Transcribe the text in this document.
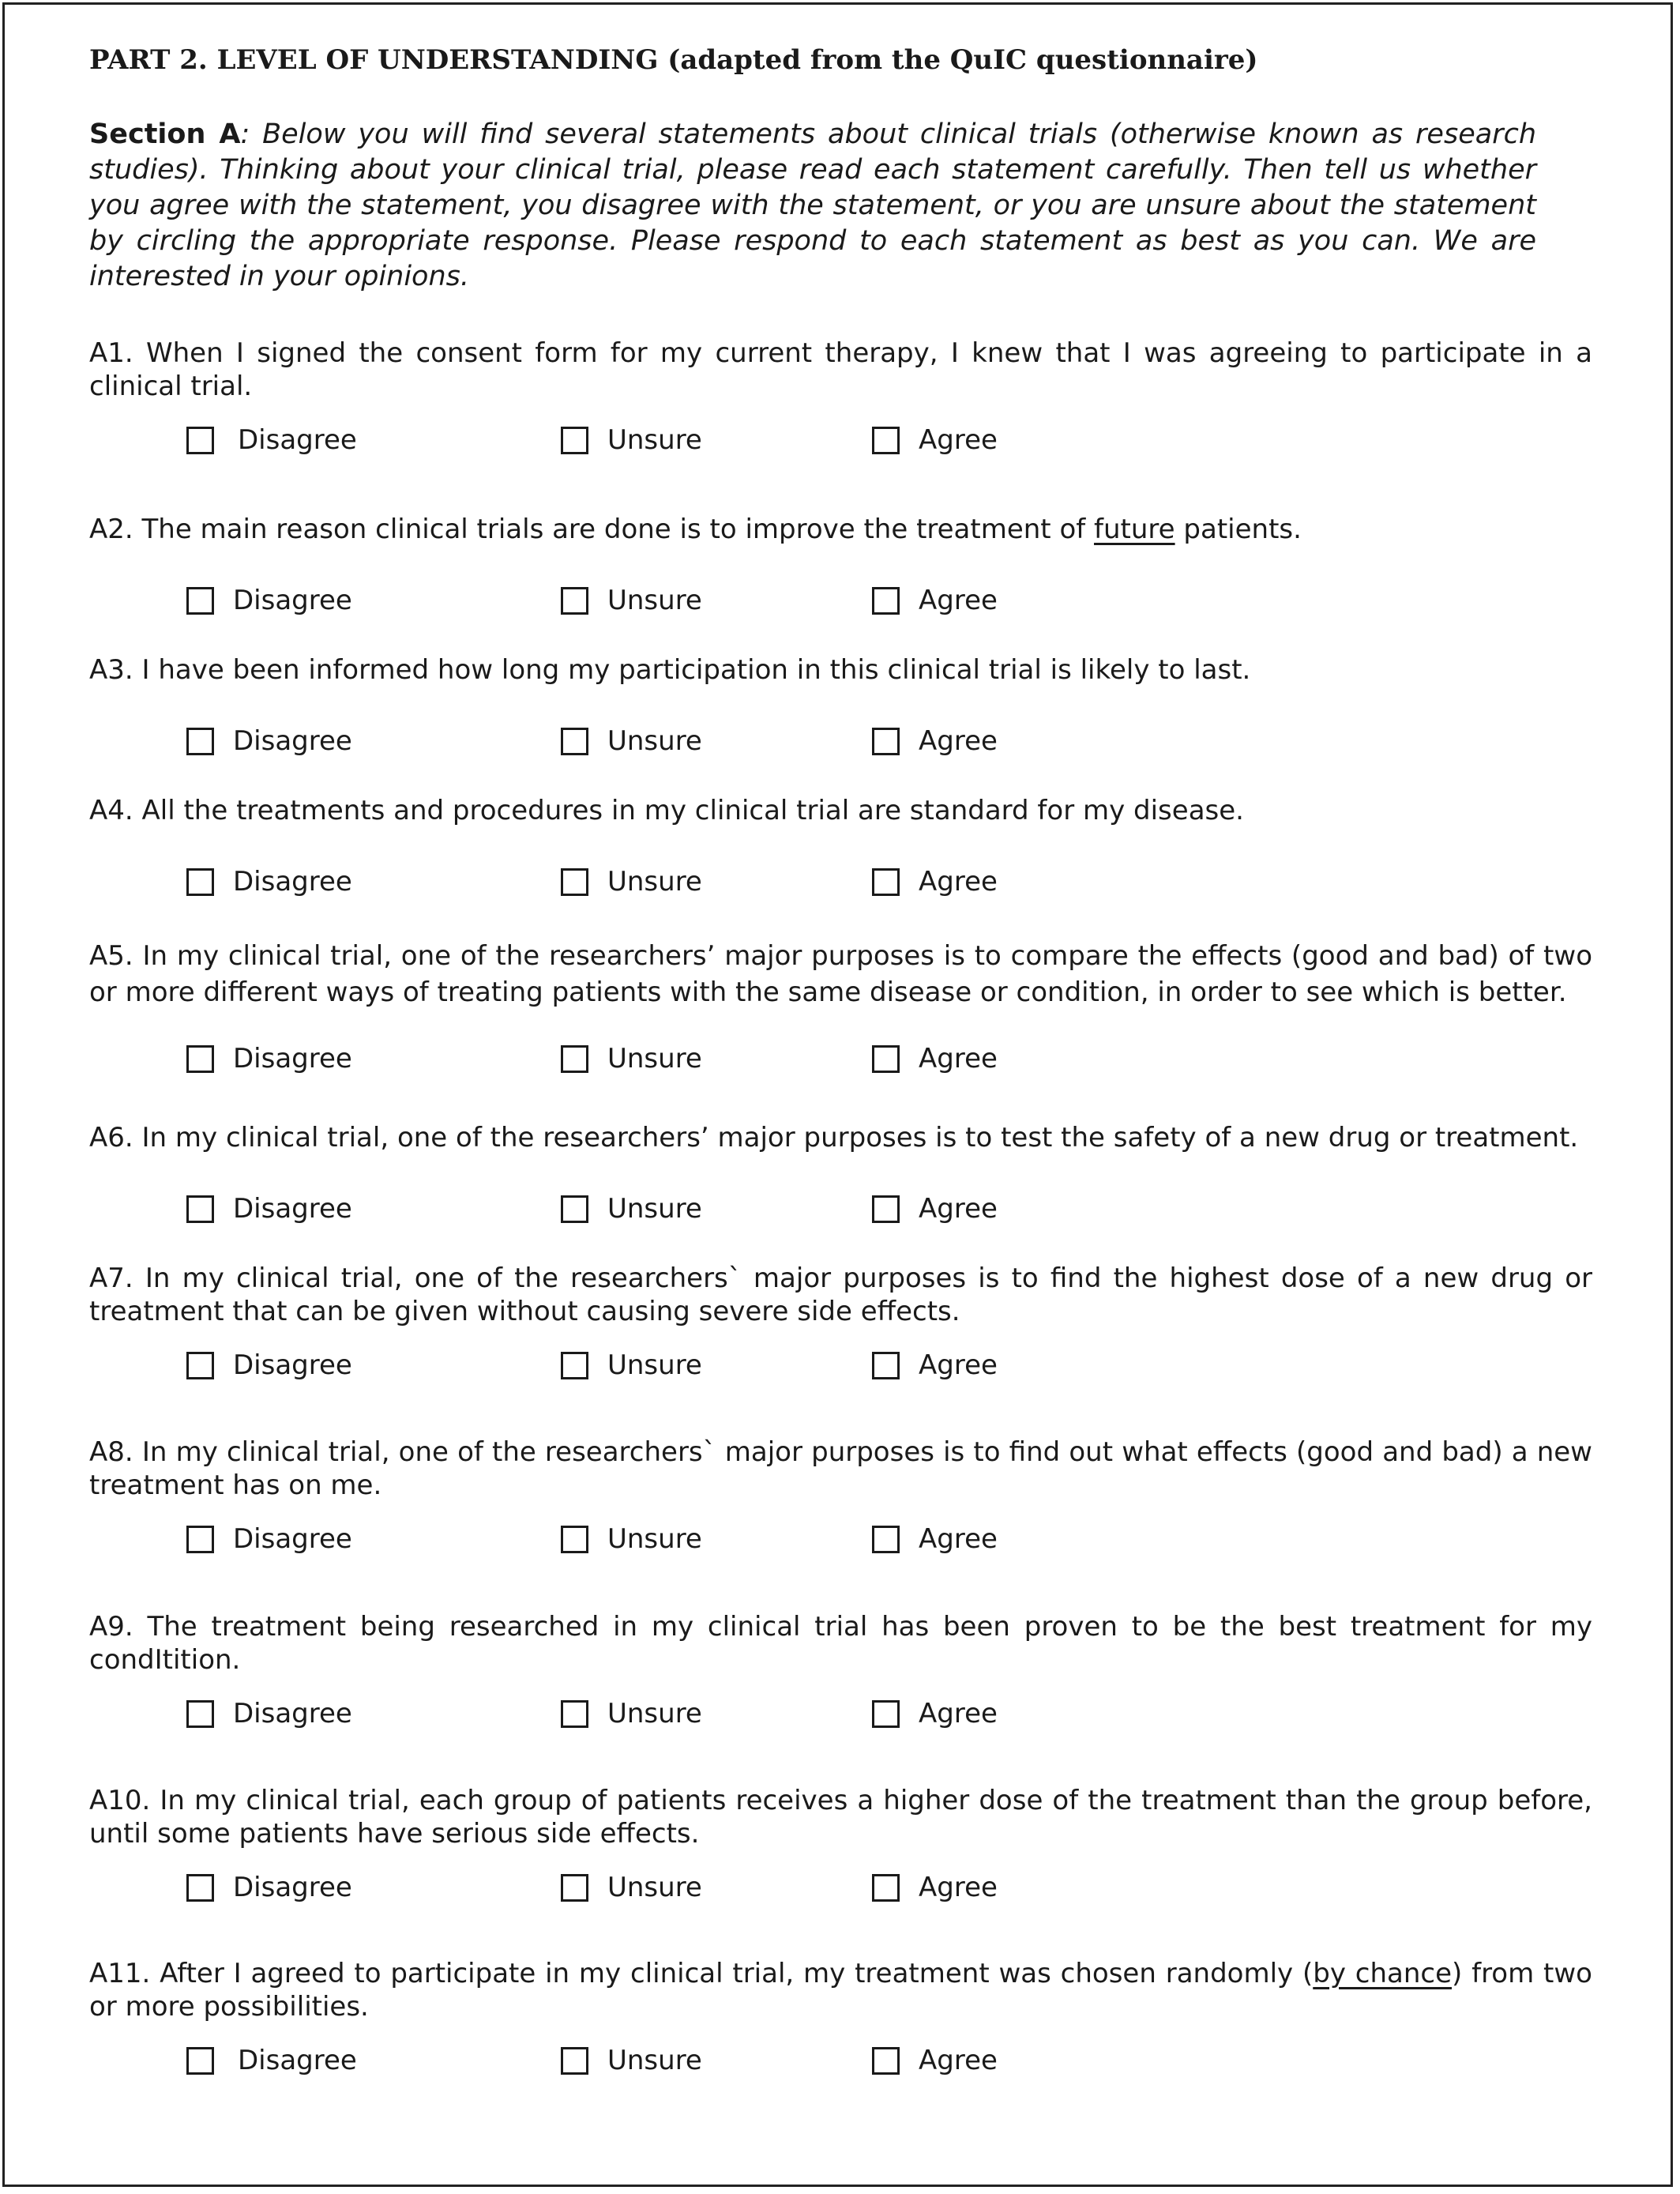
PART 2. LEVEL OF UNDERSTANDING (adapted from the QuIC questionnaire)
Section A: Below you will find several statements about clinical trials (otherwise known as research studies). Thinking about your clinical trial, please read each statement carefully. Then tell us whether you agree with the statement, you disagree with the statement, or you are unsure about the statement by circling the appropriate response. Please respond to each statement as best as you can. We are interested in your opinions.
A1. When I signed the consent form for my current therapy, I knew that I was agreeing to participate in a clinical trial.
Disagree	Unsure	Agree
A2. The main reason clinical trials are done is to improve the treatment of future patients.
Disagree	Unsure	Agree
A3. I have been informed how long my participation in this clinical trial is likely to last.
Disagree	Unsure	Agree
A4. All the treatments and procedures in my clinical trial are standard for my disease.
Disagree	Unsure	Agree
A5. In my clinical trial, one of the researchers’ major purposes is to compare the effects (good and bad) of two or more different ways of treating patients with the same disease or condition, in order to see which is better.
Disagree	Unsure	Agree
A6. In my clinical trial, one of the researchers’ major purposes is to test the safety of a new drug or treatment.
Disagree	Unsure	Agree
A7. In my clinical trial, one of the researchers` major purposes is to find the highest dose of a new drug or treatment that can be given without causing severe side effects.
Disagree	Unsure	Agree
A8. In my clinical trial, one of the researchers` major purposes is to find out what effects (good and bad) a new treatment has on me.
Disagree	Unsure	Agree
A9. The treatment being researched in my clinical trial has been proven to be the best treatment for my condItition.
Disagree	Unsure	Agree
A10. In my clinical trial, each group of patients receives a higher dose of the treatment than the group before, until some patients have serious side effects.
Disagree	Unsure	Agree
A11. After I agreed to participate in my clinical trial, my treatment was chosen randomly (by chance) from two or more possibilities.
Disagree	Unsure	Agree
